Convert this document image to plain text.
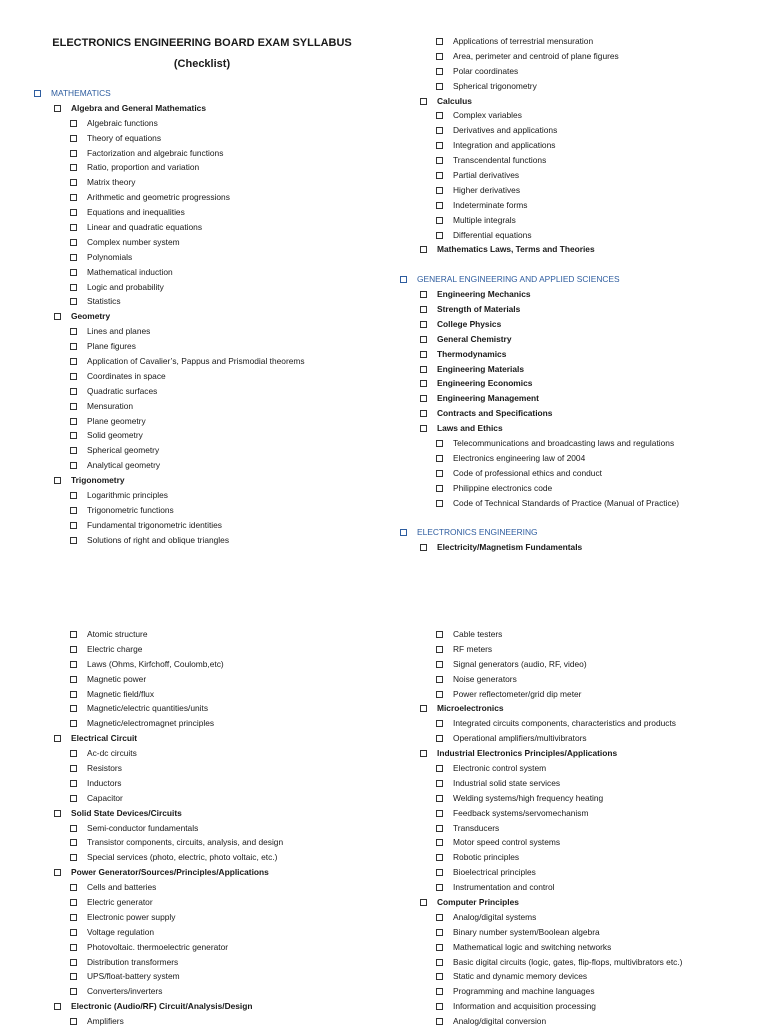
ELECTRONICS ENGINEERING BOARD EXAM SYLLABUS
(Checklist)
MATHEMATICS
Algebra and General Mathematics
Algebraic functions
Theory of equations
Factorization and algebraic functions
Ratio, proportion and variation
Matrix theory
Arithmetic and geometric progressions
Equations and inequalities
Linear and quadratic equations
Complex number system
Polynomials
Mathematical induction
Logic and probability
Statistics
Geometry
Lines and planes
Plane figures
Application of Cavalier’s, Pappus and Prismodial theorems
Coordinates in space
Quadratic surfaces
Mensuration
Plane geometry
Solid geometry
Spherical geometry
Analytical geometry
Trigonometry
Logarithmic principles
Trigonometric functions
Fundamental trigonometric identities
Solutions of right and oblique triangles
Applications of terrestrial mensuration
Area, perimeter and centroid of plane figures
Polar coordinates
Spherical trigonometry
Calculus
Complex variables
Derivatives and applications
Integration and applications
Transcendental functions
Partial derivatives
Higher derivatives
Indeterminate forms
Multiple integrals
Differential equations
Mathematics Laws, Terms and Theories
GENERAL ENGINEERING AND APPLIED SCIENCES
Engineering Mechanics
Strength of Materials
College Physics
General Chemistry
Thermodynamics
Engineering Materials
Engineering Economics
Engineering Management
Contracts and Specifications
Laws and Ethics
Telecommunications and broadcasting laws and regulations
Electronics engineering law of 2004
Code of professional ethics and conduct
Philippine electronics code
Code of Technical Standards of Practice (Manual of Practice)
ELECTRONICS ENGINEERING
Electricity/Magnetism Fundamentals
Atomic structure
Electric charge
Laws (Ohms, Kirfchoff, Coulomb,etc)
Magnetic power
Magnetic field/flux
Magnetic/electric quantities/units
Magnetic/electromagnet principles
Electrical Circuit
Ac-dc circuits
Resistors
Inductors
Capacitor
Solid State Devices/Circuits
Semi-conductor fundamentals
Transistor components, circuits, analysis, and design
Special services (photo, electric, photo voltaic, etc.)
Power Generator/Sources/Principles/Applications
Cells and batteries
Electric generator
Electronic power supply
Voltage regulation
Photovoltaic. thermoelectric generator
Distribution transformers
UPS/float-battery system
Converters/inverters
Electronic (Audio/RF) Circuit/Analysis/Design
Amplifiers
Cable testers
RF meters
Signal generators (audio, RF, video)
Noise generators
Power reflectometer/grid dip meter
Microelectronics
Integrated circuits components, characteristics and products
Operational amplifiers/multivibrators
Industrial Electronics Principles/Applications
Electronic control system
Industrial solid state services
Welding systems/high frequency heating
Feedback systems/servomechanism
Transducers
Motor speed control systems
Robotic principles
Bioelectrical principles
Instrumentation and control
Computer Principles
Analog/digital systems
Binary number system/Boolean algebra
Mathematical logic and switching networks
Basic digital circuits (logic, gates, flip-flops, multivibrators etc.)
Static and dynamic memory devices
Programming and machine languages
Information and acquisition processing
Analog/digital conversion
